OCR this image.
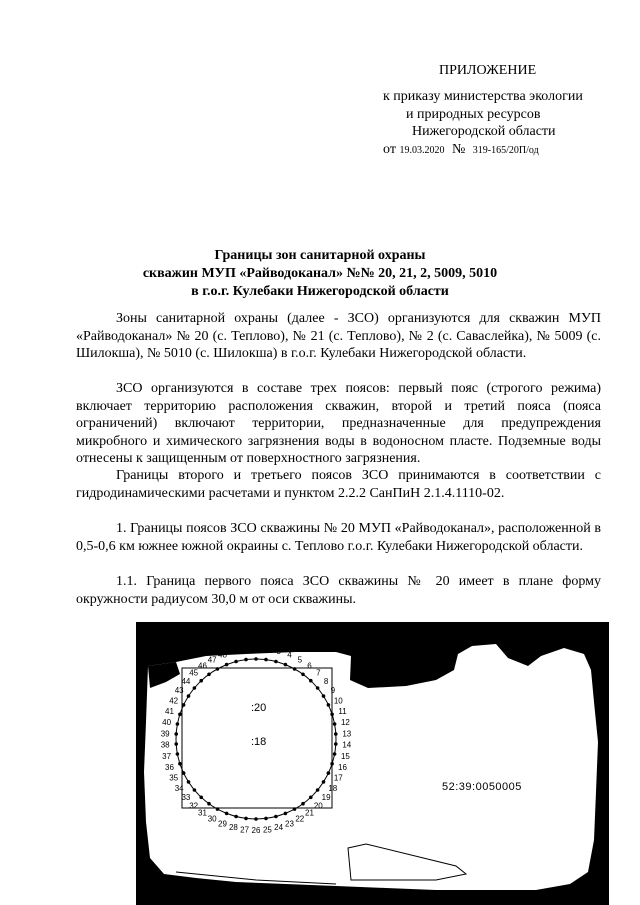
ПРИЛОЖЕНИЕ
к приказу министерства экологии
и природных ресурсов
Нижегородской области
от 19.03.2020 № 319-165/20П/од
Границы зон санитарной охраны
скважин МУП «Райводоканал» №№ 20, 21, 2, 5009, 5010
в г.о.г. Кулебаки Нижегородской области
Зоны санитарной охраны (далее - ЗСО) организуются для скважин МУП «Райводоканал» № 20 (с. Теплово), № 21 (с. Теплово), № 2 (с. Саваслейка), № 5009 (с. Шилокша), № 5010 (с. Шилокша) в г.о.г. Кулебаки Нижегородской области.
ЗСО организуются в составе трех поясов: первый пояс (строгого режима) включает территорию расположения скважин, второй и третий пояса (пояса ограничений) включают территории, предназначенные для предупреждения микробного и химического загрязнения воды в водоносном пласте. Подземные воды отнесены к защищенным от поверхностного загрязнения.
Границы второго и третьего поясов ЗСО принимаются в соответствии с гидродинамическими расчетами и пунктом 2.2.2 СанПиН 2.1.4.1110-02.
1. Границы поясов ЗСО скважины № 20 МУП «Райводоканал», расположенной в 0,5-0,6 км южнее южной окраины с. Теплово г.о.г. Кулебаки Нижегородской области.
1.1. Граница первого пояса ЗСО скважины № 20 имеет в плане форму окружности радиусом 30,0 м от оси скважины.
1 2 3 4
5
6
7
8
9
10
11
12
13
14
15
16
17
18
19
20
21
22
23
24
25
26
27
28
29
30
31
32
33
34
35
36
37
38
39
40
41
42
43
44
45
46
47
48 49 50
:20
:18
52:39:0050005
